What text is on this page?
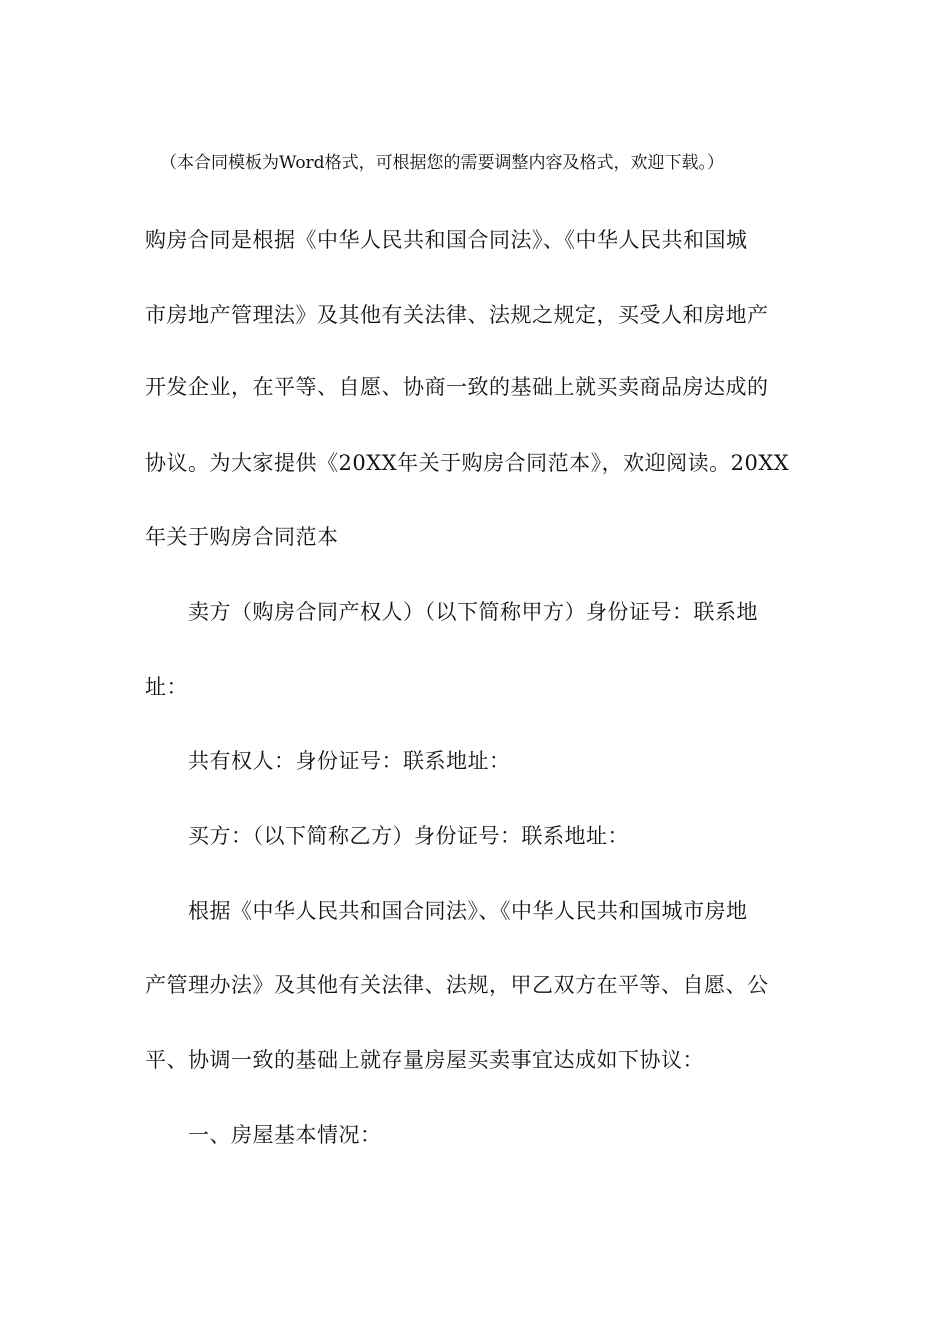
（本合同模板为Word格式，可根据您的需要调整内容及格式，欢迎下载。）
购房合同是根据《中华人民共和国合同法》、《中华人民共和国城
市房地产管理法》及其他有关法律、法规之规定，买受人和房地产
开发企业，在平等、自愿、协商一致的基础上就买卖商品房达成的
协议。为大家提供《20XX年关于购房合同范本》，欢迎阅读。20XX
年关于购房合同范本
卖方（购房合同产权人）（以下简称甲方）身份证号：联系地
址：
共有权人：身份证号：联系地址：
买方：（以下简称乙方）身份证号：联系地址：
根据《中华人民共和国合同法》、《中华人民共和国城市房地
产管理办法》及其他有关法律、法规，甲乙双方在平等、自愿、公
平、协调一致的基础上就存量房屋买卖事宜达成如下协议：
一、房屋基本情况：
